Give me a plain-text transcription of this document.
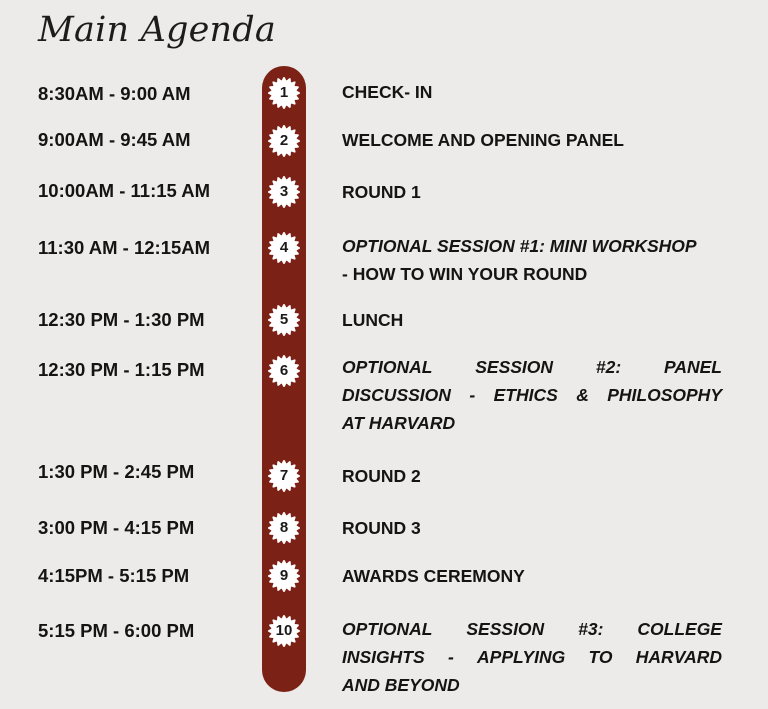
Main Agenda
8:30AM - 9:00 AM	1	CHECK- IN
9:00AM - 9:45 AM	2	WELCOME AND OPENING PANEL
10:00AM - 11:15 AM	3	ROUND 1
11:30 AM - 12:15AM	4	OPTIONAL SESSION #1: MINI WORKSHOP
- HOW TO WIN YOUR ROUND
12:30 PM - 1:30 PM	5	LUNCH
12:30 PM - 1:15 PM	6	OPTIONAL SESSION #2: PANEL
DISCUSSION - ETHICS & PHILOSOPHY
AT HARVARD
1:30 PM - 2:45 PM	7	ROUND 2
3:00 PM - 4:15 PM	8	ROUND 3
4:15PM - 5:15 PM	9	AWARDS CEREMONY
5:15 PM - 6:00 PM	10	OPTIONAL SESSION #3: COLLEGE
INSIGHTS - APPLYING TO HARVARD
AND BEYOND
